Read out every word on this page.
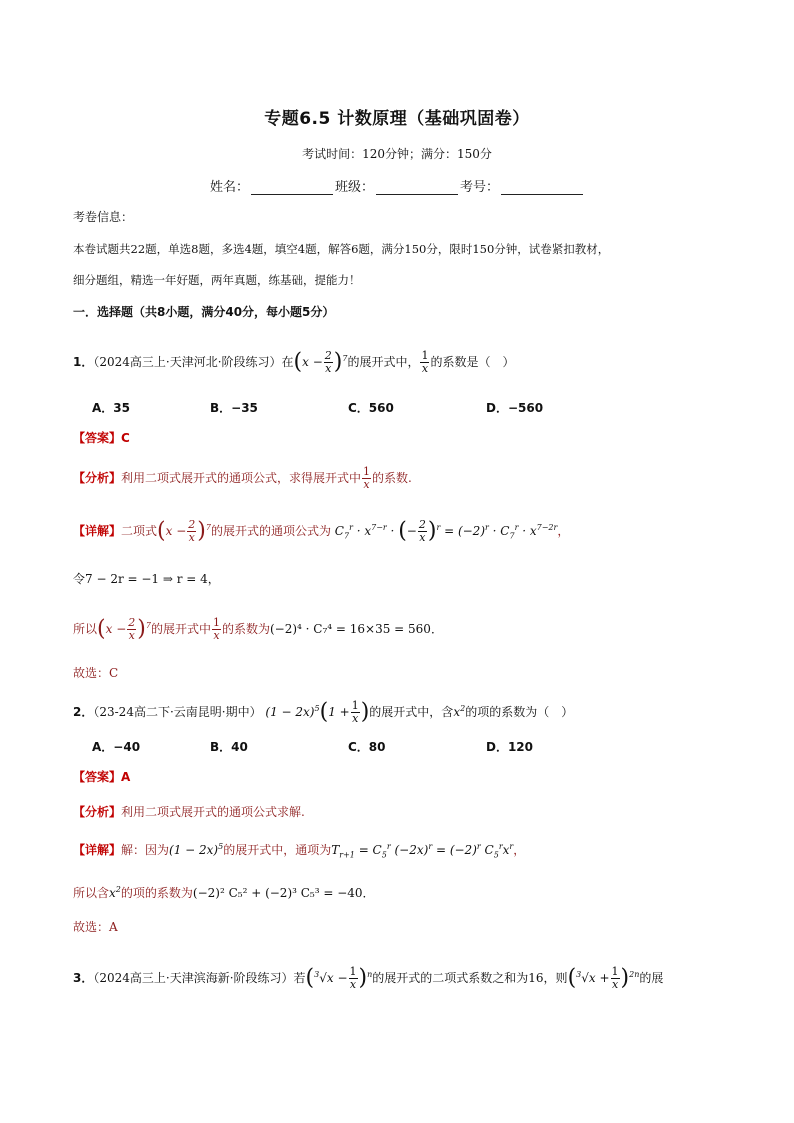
专题6.5 计数原理（基础巩固卷）
考试时间：120分钟；满分：150分
姓名：	班级：	考号：
考卷信息：
本卷试题共22题，单选8题，多选4题，填空4题，解答6题，满分150分，限时150分钟，试卷紧扣教材，
细分题组，精选一年好题，两年真题，练基础，提能力！
一．选择题（共8小题，满分40分，每小题5分）
1．（2024高三上·天津河北·阶段练习）在$(x - \frac{2}{x} )^7$的展开式中， $\frac{1}{x}$ 的系数是（　）
A．35	B．−35	C．560	D．−560
【答案】C
【分析】利用二项式展开式的通项公式，求得展开式中 $\frac{1}{x}$ 的系数.
【详解】二项式$(x - \frac{2}{x} )^7$的展开式的通项公式为 $C_7^r \cdot x^{7-r}$ · (− $\frac{2}{x} )^r = (-2)^r \cdot C_7^r \cdot x^{7-2r}$，
令7 − 2r = −1 ⇒ r = 4，
所以$(x - \frac{2}{x} )^7$的展开式中 $\frac{1}{x}$ 的系数为(−2)⁴ · C₇⁴ = 16×35 = 560．
故选：C
2．（23-24高二下·云南昆明·期中） $(1 - 2x)^5(1 + \frac{1}{x}$ )的展开式中，含$x^2$的项的系数为（　）
A．−40	B．40	C．80	D．120
【答案】A
【分析】利用二项式展开式的通项公式求解.
【详解】解：因为$(1 - 2x)^5$的展开式中，通项为$T_{r+1} = C_5^r$ $(-2x)^r = (-2)^r$ $C_5^rx^r$，
所以含$x^2$的项的系数为(−2)² C₅² + (−2)³ C₅³ = −40．
故选：A
3．（2024高三上·天津滨海新·阶段练习）若$(^3√x - \frac{1}{x} )^n$的展开式的二项式系数之和为16，则$(^3√x + \frac{1}{x} )^{2n}$的展
